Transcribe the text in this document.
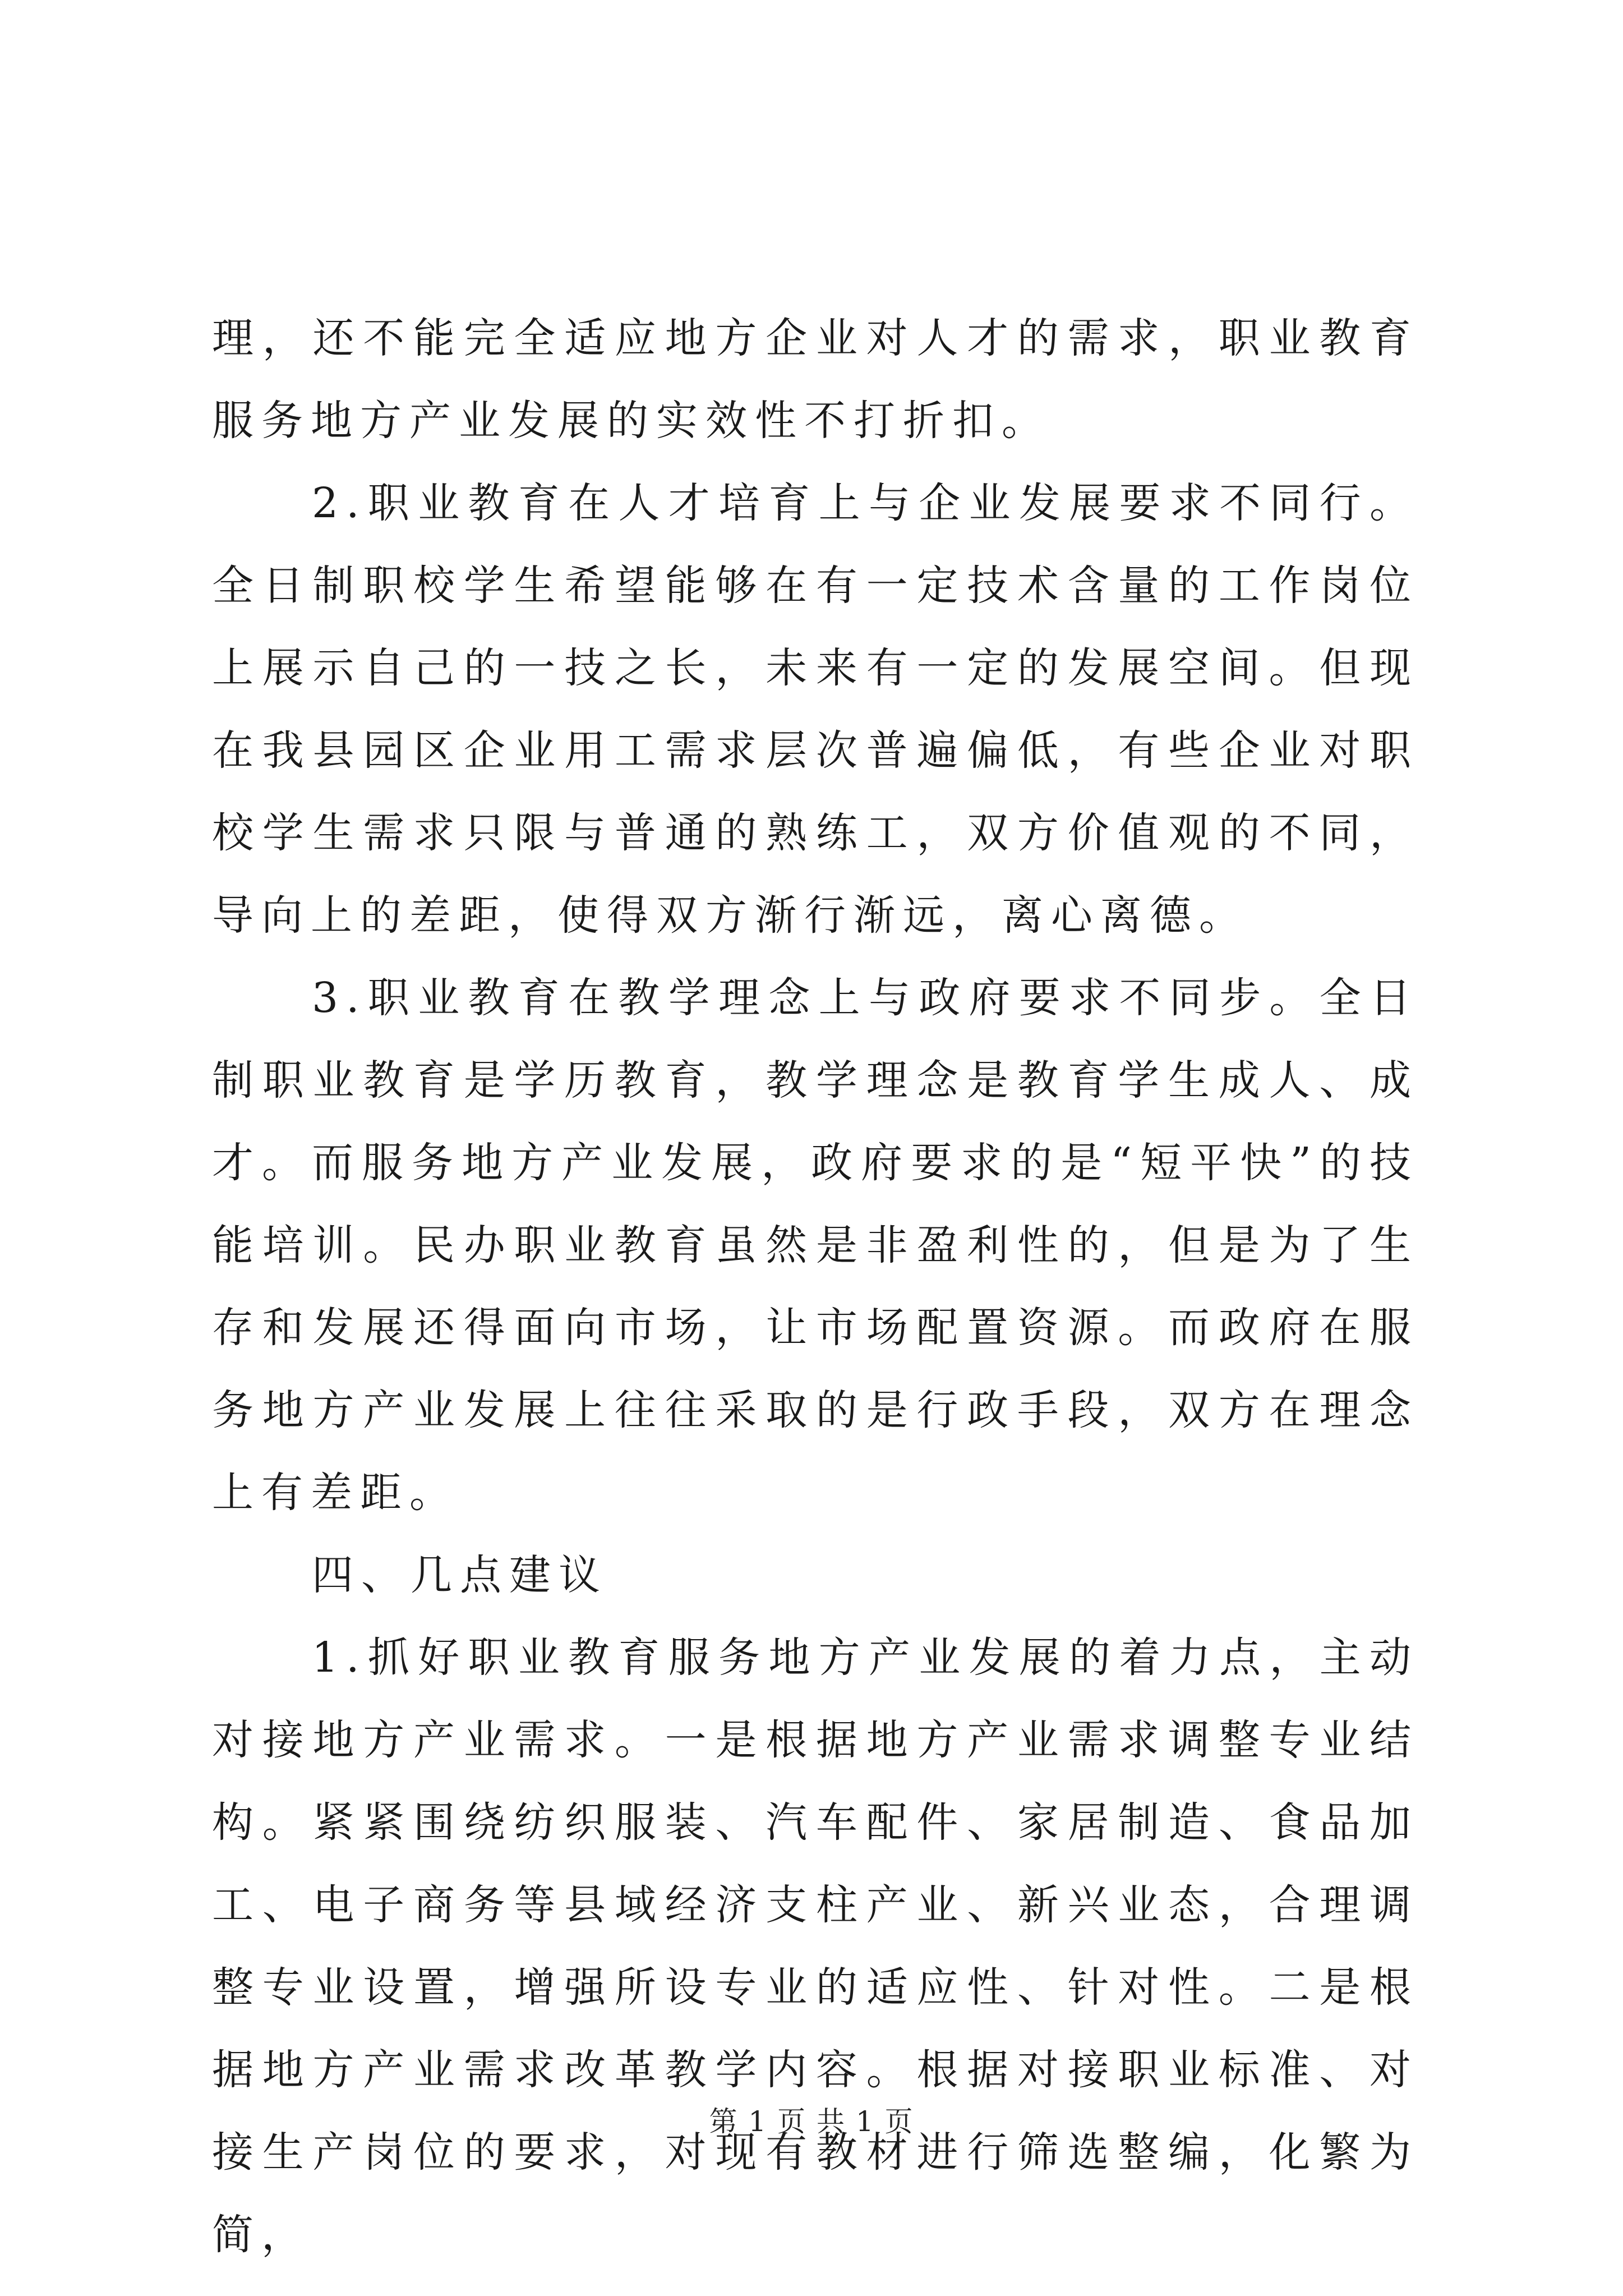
理，还不能完全适应地方企业对人才的需求，职业教育服务地方产业发展的实效性不打折扣。

2.职业教育在人才培育上与企业发展要求不同行。全日制职校学生希望能够在有一定技术含量的工作岗位上展示自己的一技之长，未来有一定的发展空间。但现在我县园区企业用工需求层次普遍偏低，有些企业对职校学生需求只限与普通的熟练工，双方价值观的不同，导向上的差距，使得双方渐行渐远，离心离德。

3.职业教育在教学理念上与政府要求不同步。全日制职业教育是学历教育，教学理念是教育学生成人、成才。而服务地方产业发展，政府要求的是“短平快”的技能培训。民办职业教育虽然是非盈利性的，但是为了生存和发展还得面向市场，让市场配置资源。而政府在服务地方产业发展上往往采取的是行政手段，双方在理念上有差距。

四、几点建议

1.抓好职业教育服务地方产业发展的着力点，主动对接地方产业需求。一是根据地方产业需求调整专业结构。紧紧围绕纺织服装、汽车配件、家居制造、食品加工、电子商务等县域经济支柱产业、新兴业态，合理调整专业设置，增强所设专业的适应性、针对性。二是根据地方产业需求改革教学内容。根据对接职业标准、对接生产岗位的要求，对现有教材进行筛选整编，化繁为简，

第 1 页 共 1 页
